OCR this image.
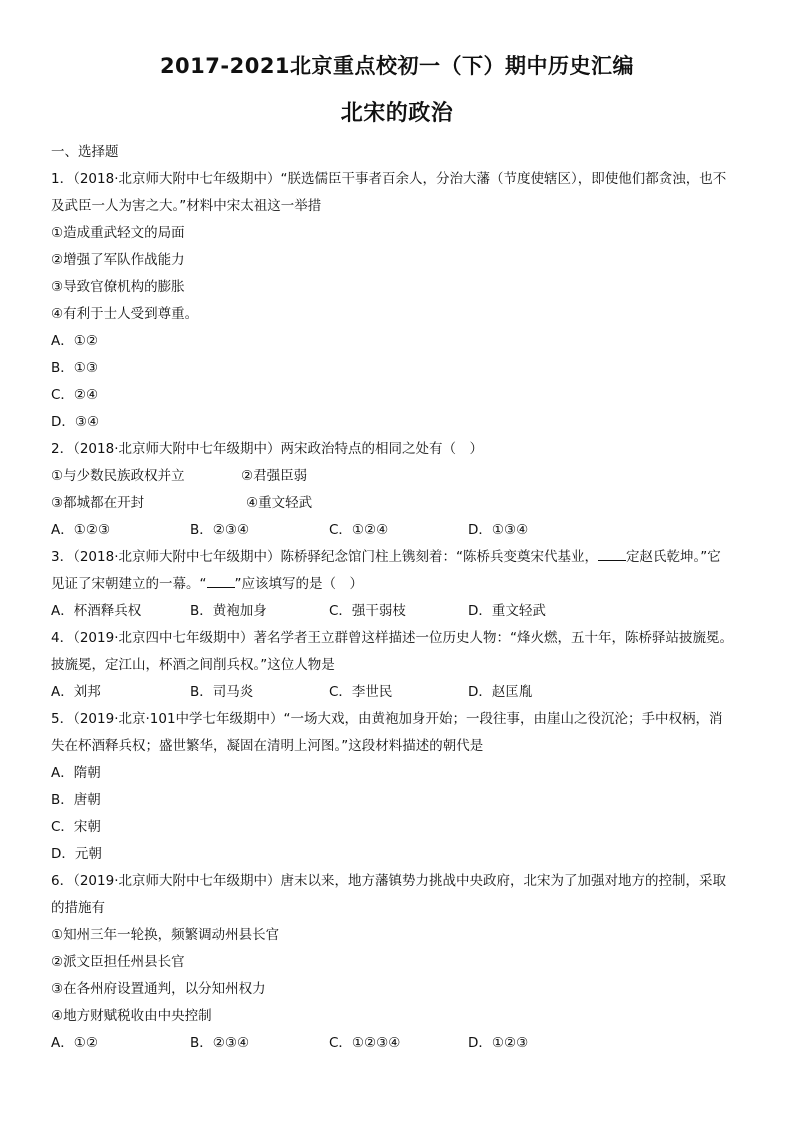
2017-2021北京重点校初一（下）期中历史汇编
北宋的政治
一、选择题
1．（2018·北京师大附中七年级期中）“朕选儒臣干事者百余人，分治大藩（节度使辖区），即使他们都贪浊，也不
及武臣一人为害之大。”材料中宋太祖这一举措
①造成重武轻文的局面
②增强了军队作战能力
③导致官僚机构的膨胀
④有利于士人受到尊重。
A．①②
B．①③
C．②④
D．③④
2．（2018·北京师大附中七年级期中）两宋政治特点的相同之处有（　）
①与少数民族政权并立	②君强臣弱
③都城都在开封	④重文轻武
A．①②③	B．②③④	C．①②④	D．①③④
3．（2018·北京师大附中七年级期中）陈桥驿纪念馆门柱上镌刻着：“陈桥兵变奠宋代基业， 定赵氏乾坤。”它
见证了宋朝建立的一幕。“ ”应该填写的是（　）
A．杯酒释兵权	B．黄袍加身	C．强干弱枝	D．重文轻武
4．（2019·北京四中七年级期中）著名学者王立群曾这样描述一位历史人物：“烽火燃，五十年，陈桥驿站披旒冕。
披旒冕，定江山，杯酒之间削兵权。”这位人物是
A．刘邦	B．司马炎	C．李世民	D．赵匡胤
5．（2019·北京·101中学七年级期中）“一场大戏，由黄袍加身开始；一段往事，由崖山之役沉沦；手中权柄，消
失在杯酒释兵权；盛世繁华，凝固在清明上河图。”这段材料描述的朝代是
A．隋朝
B．唐朝
C．宋朝
D．元朝
6．（2019·北京师大附中七年级期中）唐末以来，地方藩镇势力挑战中央政府，北宋为了加强对地方的控制，采取
的措施有
①知州三年一轮换，频繁调动州县长官
②派文臣担任州县长官
③在各州府设置通判，以分知州权力
④地方财赋税收由中央控制
A．①②	B．②③④	C．①②③④	D．①②③
